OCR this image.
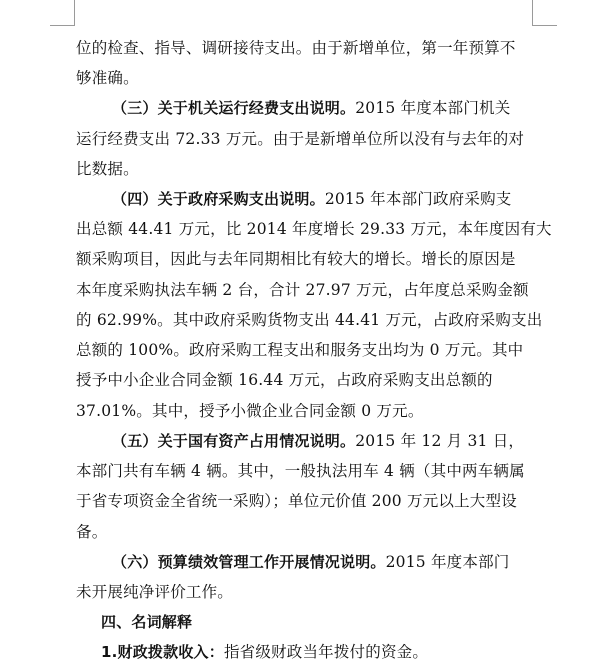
位的检查、指导、调研接待支出。由于新增单位，第一年预算不
够准确。
（三）关于机关运行经费支出说明。2015 年度本部门机关
运行经费支出 72.33 万元。由于是新增单位所以没有与去年的对
比数据。
（四）关于政府采购支出说明。2015 年本部门政府采购支
出总额 44.41 万元，比 2014 年度增长 29.33 万元，本年度因有大
额采购项目，因此与去年同期相比有较大的增长。增长的原因是
本年度采购执法车辆 2 台，合计 27.97 万元，占年度总采购金额
的 62.99%。其中政府采购货物支出 44.41 万元，占政府采购支出
总额的 100%。政府采购工程支出和服务支出均为 0 万元。其中
授予中小企业合同金额 16.44 万元，占政府采购支出总额的
37.01%。其中，授予小微企业合同金额 0 万元。
（五）关于国有资产占用情况说明。2015 年 12 月 31 日，
本部门共有车辆 4 辆。其中，一般执法用车 4 辆（其中两车辆属
于省专项资金全省统一采购）；单位元价值 200 万元以上大型设
备。
（六）预算绩效管理工作开展情况说明。2015 年度本部门
未开展纯净评价工作。
四、名词解释
1.财政拨款收入：指省级财政当年拨付的资金。
